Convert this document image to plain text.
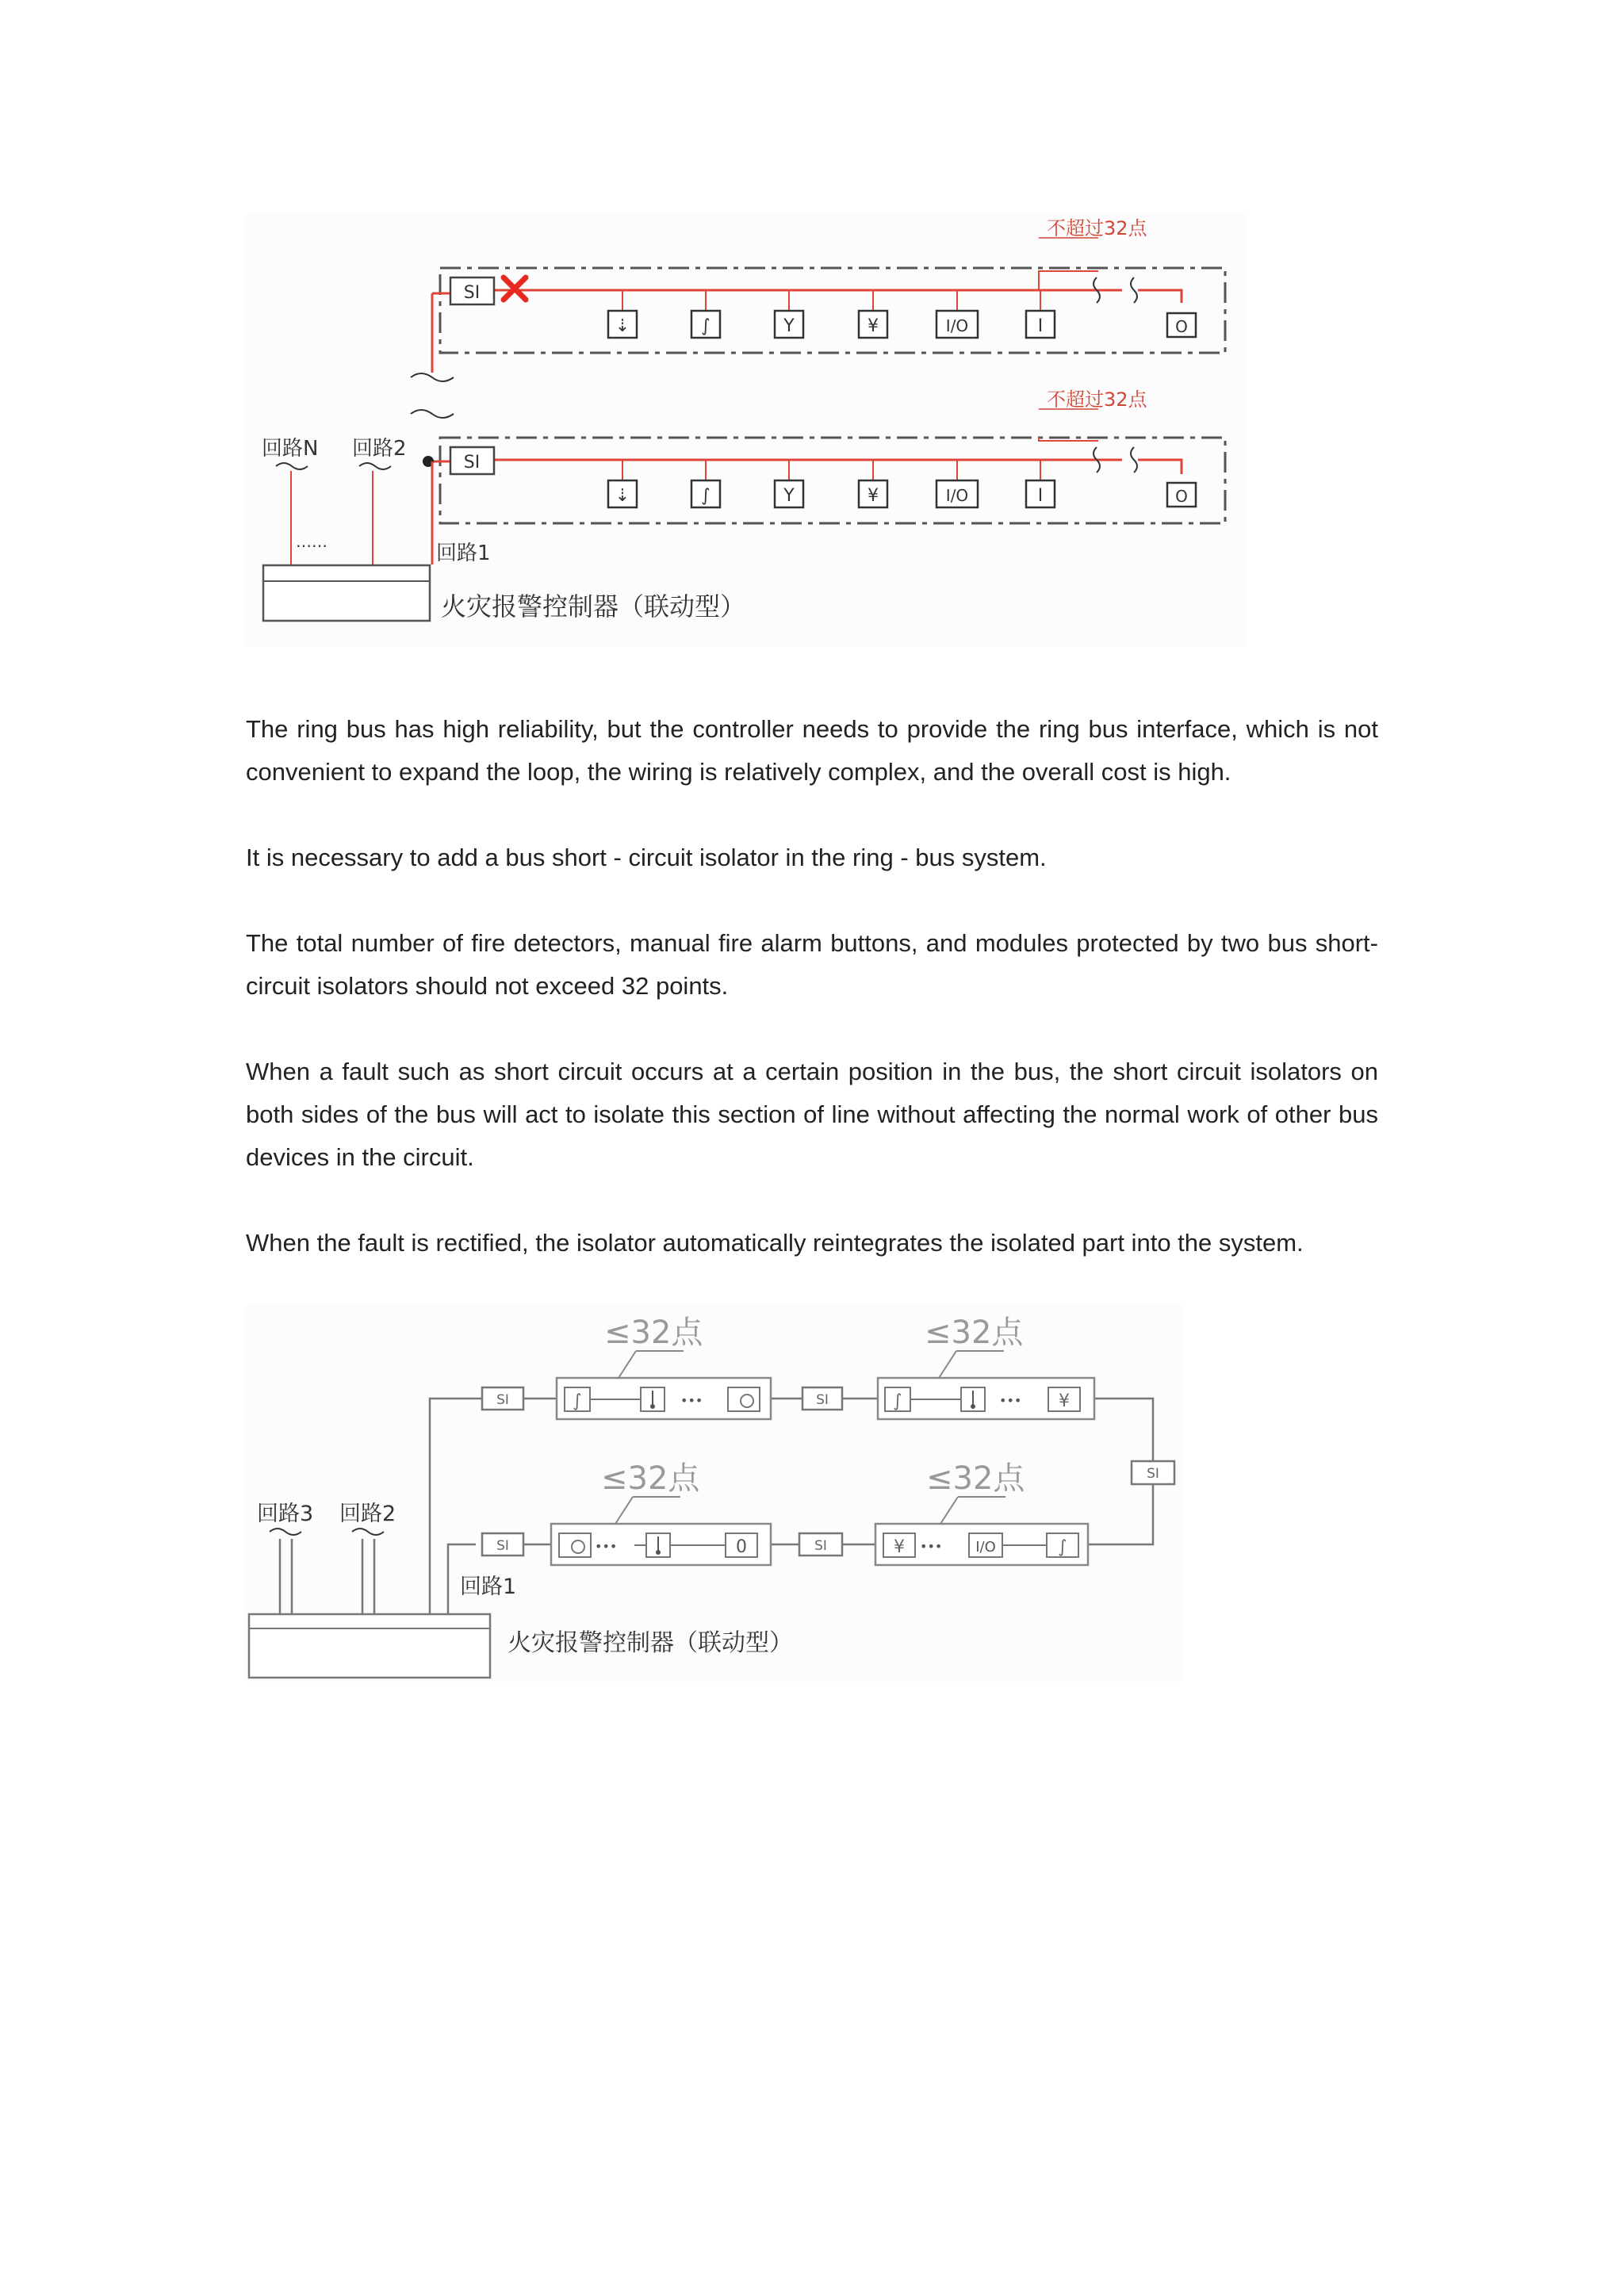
SI
不超过32点
⇣	∫	Y	¥	I/O	I	O
SI
不超过32点
⇣	∫	Y	¥	I/O	I	O
回路N 回路2
……	回路1
火灾报警控制器（联动型）

The ring bus has high reliability, but the controller needs to provide the ring bus interface, which is not convenient to expand the loop, the wiring is relatively complex, and the overall cost is high.

It is necessary to add a bus short - circuit isolator in the ring - bus system.

The total number of fire detectors, manual fire alarm buttons, and modules protected by two bus short-circuit isolators should not exceed 32 points.

When a fault such as short circuit occurs at a certain position in the bus, the short circuit isolators on both sides of the bus will act to isolate this section of line without affecting the normal work of other bus devices in the circuit.

When the fault is rectified, the isolator automatically reintegrates the isolated part into the system.

SI	SI
SI
SI
SI
∫	•••
≤32点
∫	••• ¥
≤32点
•••	0
≤32点
¥ ••• I/O	∫
≤32点
回路3 回路2
回路1
火灾报警控制器（联动型）
